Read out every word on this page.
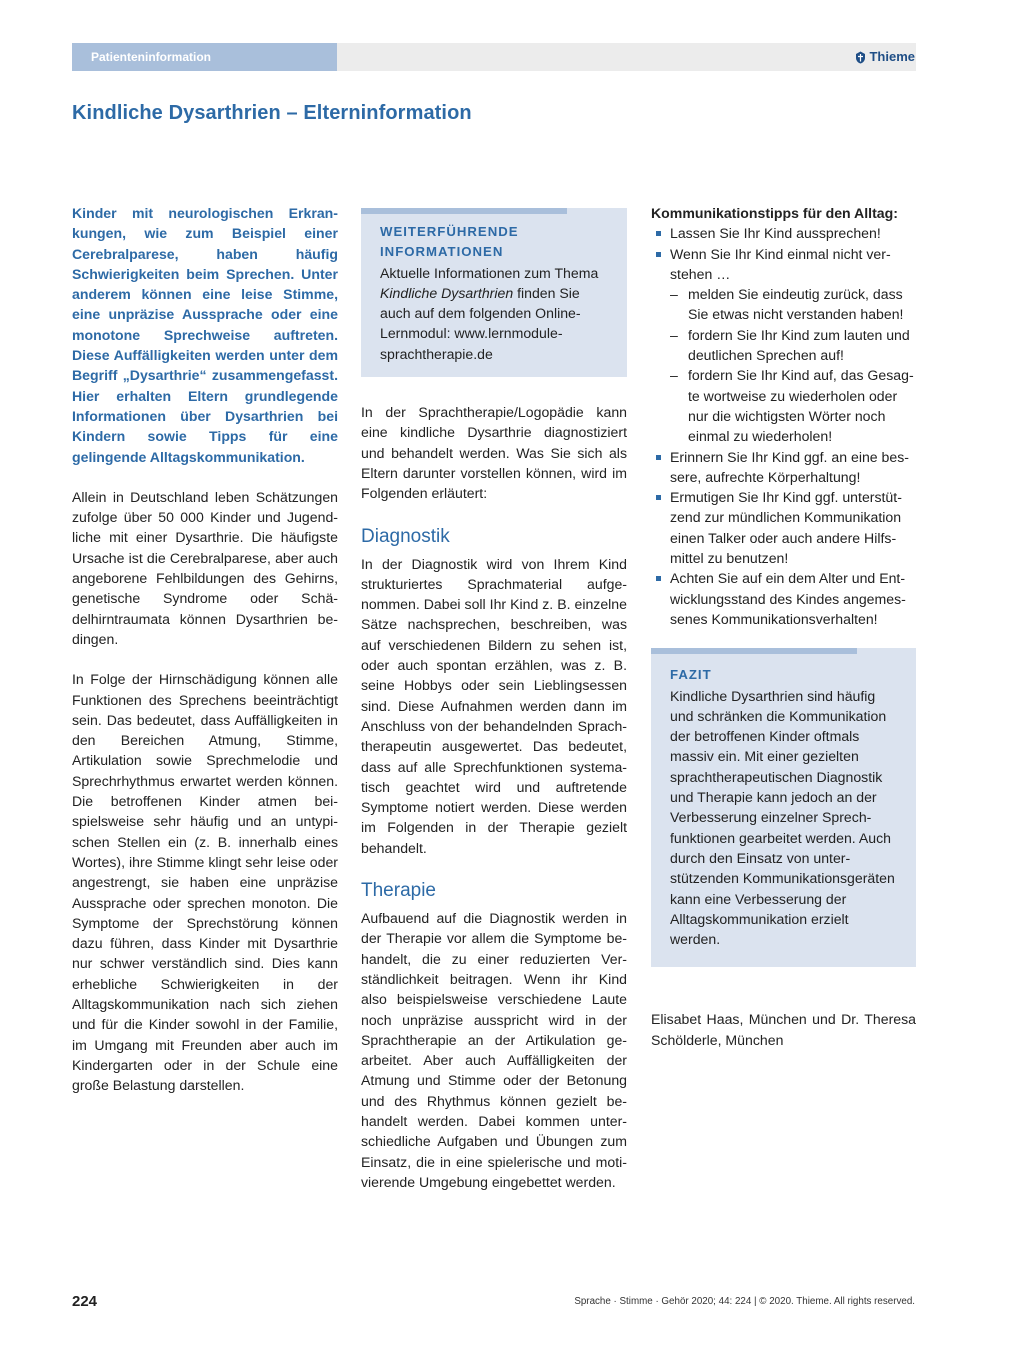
Patienteninformation	Thieme
Kindliche Dysarthrien – Elterninformation

Kinder mit neurologischen Erkrankungen, wie zum Beispiel einer Cerebralparese, haben häufig Schwierigkeiten beim Sprechen. Unter anderem können eine leise Stimme, eine unpräzise Aussprache oder eine monotone Sprechweise auftreten. Diese Auffälligkeiten werden unter dem Begriff „Dysarthrie“ zusammengefasst. Hier erhalten Eltern grundlegende Informationen über Dysarthrien bei Kindern sowie Tipps für eine gelingende Alltagskommunikation.

Allein in Deutschland leben Schätzungen zufolge über 50 000 Kinder und Jugendliche mit einer Dysarthrie. Die häufigste Ursache ist die Cerebralparese, aber auch angeborene Fehlbildungen des Gehirns, genetische Syndrome oder Schädelhirntraumata können Dysarthrien bedingen.

In Folge der Hirnschädigung können alle Funktionen des Sprechens beeinträchtigt sein. Das bedeutet, dass Auffälligkeiten in den Bereichen Atmung, Stimme, Artikulation sowie Sprechmelodie und Sprechrhythmus erwartet werden können. Die betroffenen Kinder atmen beispielsweise sehr häufig und an untypischen Stellen ein (z. B. innerhalb eines Wortes), ihre Stimme klingt sehr leise oder angestrengt, sie haben eine unpräzise Aussprache oder sprechen monoton. Die Symptome der Sprechstörung können dazu führen, dass Kinder mit Dysarthrie nur schwer verständlich sind. Dies kann erhebliche Schwierigkeiten in der Alltagskommunikation nach sich ziehen und für die Kinder sowohl in der Familie, im Umgang mit Freunden aber auch im Kindergarten oder in der Schule eine große Belastung darstellen.

WEITERFÜHRENDE INFORMATIONEN

Aktuelle Informationen zum Thema Kindliche Dysarthrien finden Sie auch auf dem folgenden Online-Lernmodul: www.lernmodule-sprachtherapie.de

In der Sprachtherapie/Logopädie kann eine kindliche Dysarthrie diagnostiziert und behandelt werden. Was Sie sich als Eltern darunter vorstellen können, wird im Folgenden erläutert:

Diagnostik

In der Diagnostik wird von Ihrem Kind strukturiertes Sprachmaterial aufgenommen. Dabei soll Ihr Kind z. B. einzelne Sätze nachsprechen, beschreiben, was auf verschiedenen Bildern zu sehen ist, oder auch spontan erzählen, was z. B. seine Hobbys oder sein Lieblingsessen sind. Diese Aufnahmen werden dann im Anschluss von der behandelnden Sprachtherapeutin ausgewertet. Das bedeutet, dass auf alle Sprechfunktionen systematisch geachtet wird und auftretende Symptome notiert werden. Diese werden im Folgenden in der Therapie gezielt behandelt.

Therapie

Aufbauend auf die Diagnostik werden in der Therapie vor allem die Symptome behandelt, die zu einer reduzierten Verständlichkeit beitragen. Wenn ihr Kind also beispielsweise verschiedene Laute noch unpräzise ausspricht wird in der Sprachtherapie an der Artikulation gearbeitet. Aber auch Auffälligkeiten der Atmung und Stimme oder der Betonung und des Rhythmus können gezielt behandelt werden. Dabei kommen unterschiedliche Aufgaben und Übungen zum Einsatz, die in eine spielerische und motivierende Umgebung eingebettet werden.

Kommunikationstipps für den Alltag:

Lassen Sie Ihr Kind aussprechen!
Wenn Sie Ihr Kind einmal nicht verstehen …
– melden Sie eindeutig zurück, dass Sie etwas nicht verstanden haben!
– fordern Sie Ihr Kind zum lauten und deutlichen Sprechen auf!
– fordern Sie Ihr Kind auf, das Gesagte wortweise zu wiederholen oder nur die wichtigsten Wörter noch einmal zu wiederholen!
Erinnern Sie Ihr Kind ggf. an eine bessere, aufrechte Körperhaltung!
Ermutigen Sie Ihr Kind ggf. unterstützend zur mündlichen Kommunikation einen Talker oder auch andere Hilfsmittel zu benutzen!
Achten Sie auf ein dem Alter und Entwicklungsstand des Kindes angemessenes Kommunikationsverhalten!
FAZIT

Kindliche Dysarthrien sind häufig und schränken die Kommunikation der betroffenen Kinder oftmals massiv ein. Mit einer gezielten sprachtherapeutischen Diagnostik und Therapie kann jedoch an der Verbesserung einzelner Sprechfunktionen gearbeitet werden. Auch durch den Einsatz von unterstützenden Kommunikationsgeräten kann eine Verbesserung der Alltagskommunikation erzielt werden.

Elisabet Haas, München und Dr. Theresa Schölderle, München

224	Sprache · Stimme · Gehör 2020; 44: 224 | © 2020. Thieme. All rights reserved.
